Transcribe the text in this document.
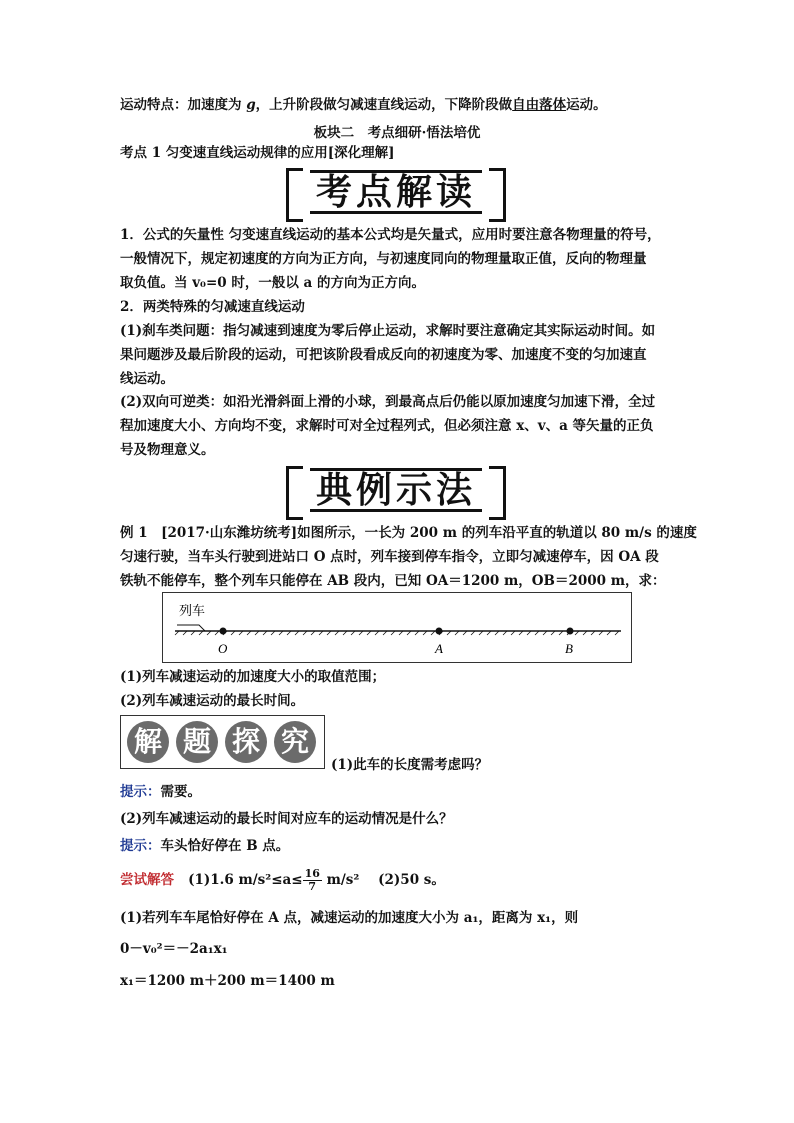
运动特点：加速度为 g，上升阶段做匀减速直线运动，下降阶段做自由落体运动。
板块二　考点细研·悟法培优
考点 1 匀变速直线运动规律的应用[深化理解]
考点解读
1．公式的矢量性 匀变速直线运动的基本公式均是矢量式，应用时要注意各物理量的符号，
一般情况下，规定初速度的方向为正方向，与初速度同向的物理量取正值，反向的物理量
取负值。当 v₀=0 时，一般以 a 的方向为正方向。
2．两类特殊的匀减速直线运动
(1)刹车类问题：指匀减速到速度为零后停止运动，求解时要注意确定其实际运动时间。如
果问题涉及最后阶段的运动，可把该阶段看成反向的初速度为零、加速度不变的匀加速直
线运动。
(2)双向可逆类：如沿光滑斜面上滑的小球，到最高点后仍能以原加速度匀加速下滑，全过
程加速度大小、方向均不变，求解时可对全过程列式，但必须注意 x、v、a 等矢量的正负
号及物理意义。
典例示法
例 1　[2017·山东潍坊统考]如图所示，一长为 200 m 的列车沿平直的轨道以 80 m/s 的速度
匀速行驶，当车头行驶到进站口 O 点时，列车接到停车指令，立即匀减速停车，因 OA 段
铁轨不能停车，整个列车只能停在 AB 段内，已知 OA＝1200 m，OB＝2000 m，求：
列车
O	A	B
(1)列车减速运动的加速度大小的取值范围；
(2)列车减速运动的最长时间。
解 题 探 究
(1)此车的长度需考虑吗？
提示：需要。
(2)列车减速运动的最长时间对应车的运动情况是什么？
提示：车头恰好停在 B 点。
尝试解答 (1)1.6 $m/s^2\le a\le \frac{16}{7} m/s^2$ (2)50 s。
(1)若列车车尾恰好停在 A 点，减速运动的加速度大小为 a₁，距离为 x₁，则
0－v₀²＝－2a₁x₁
x₁＝1200 m＋200 m＝1400 m
